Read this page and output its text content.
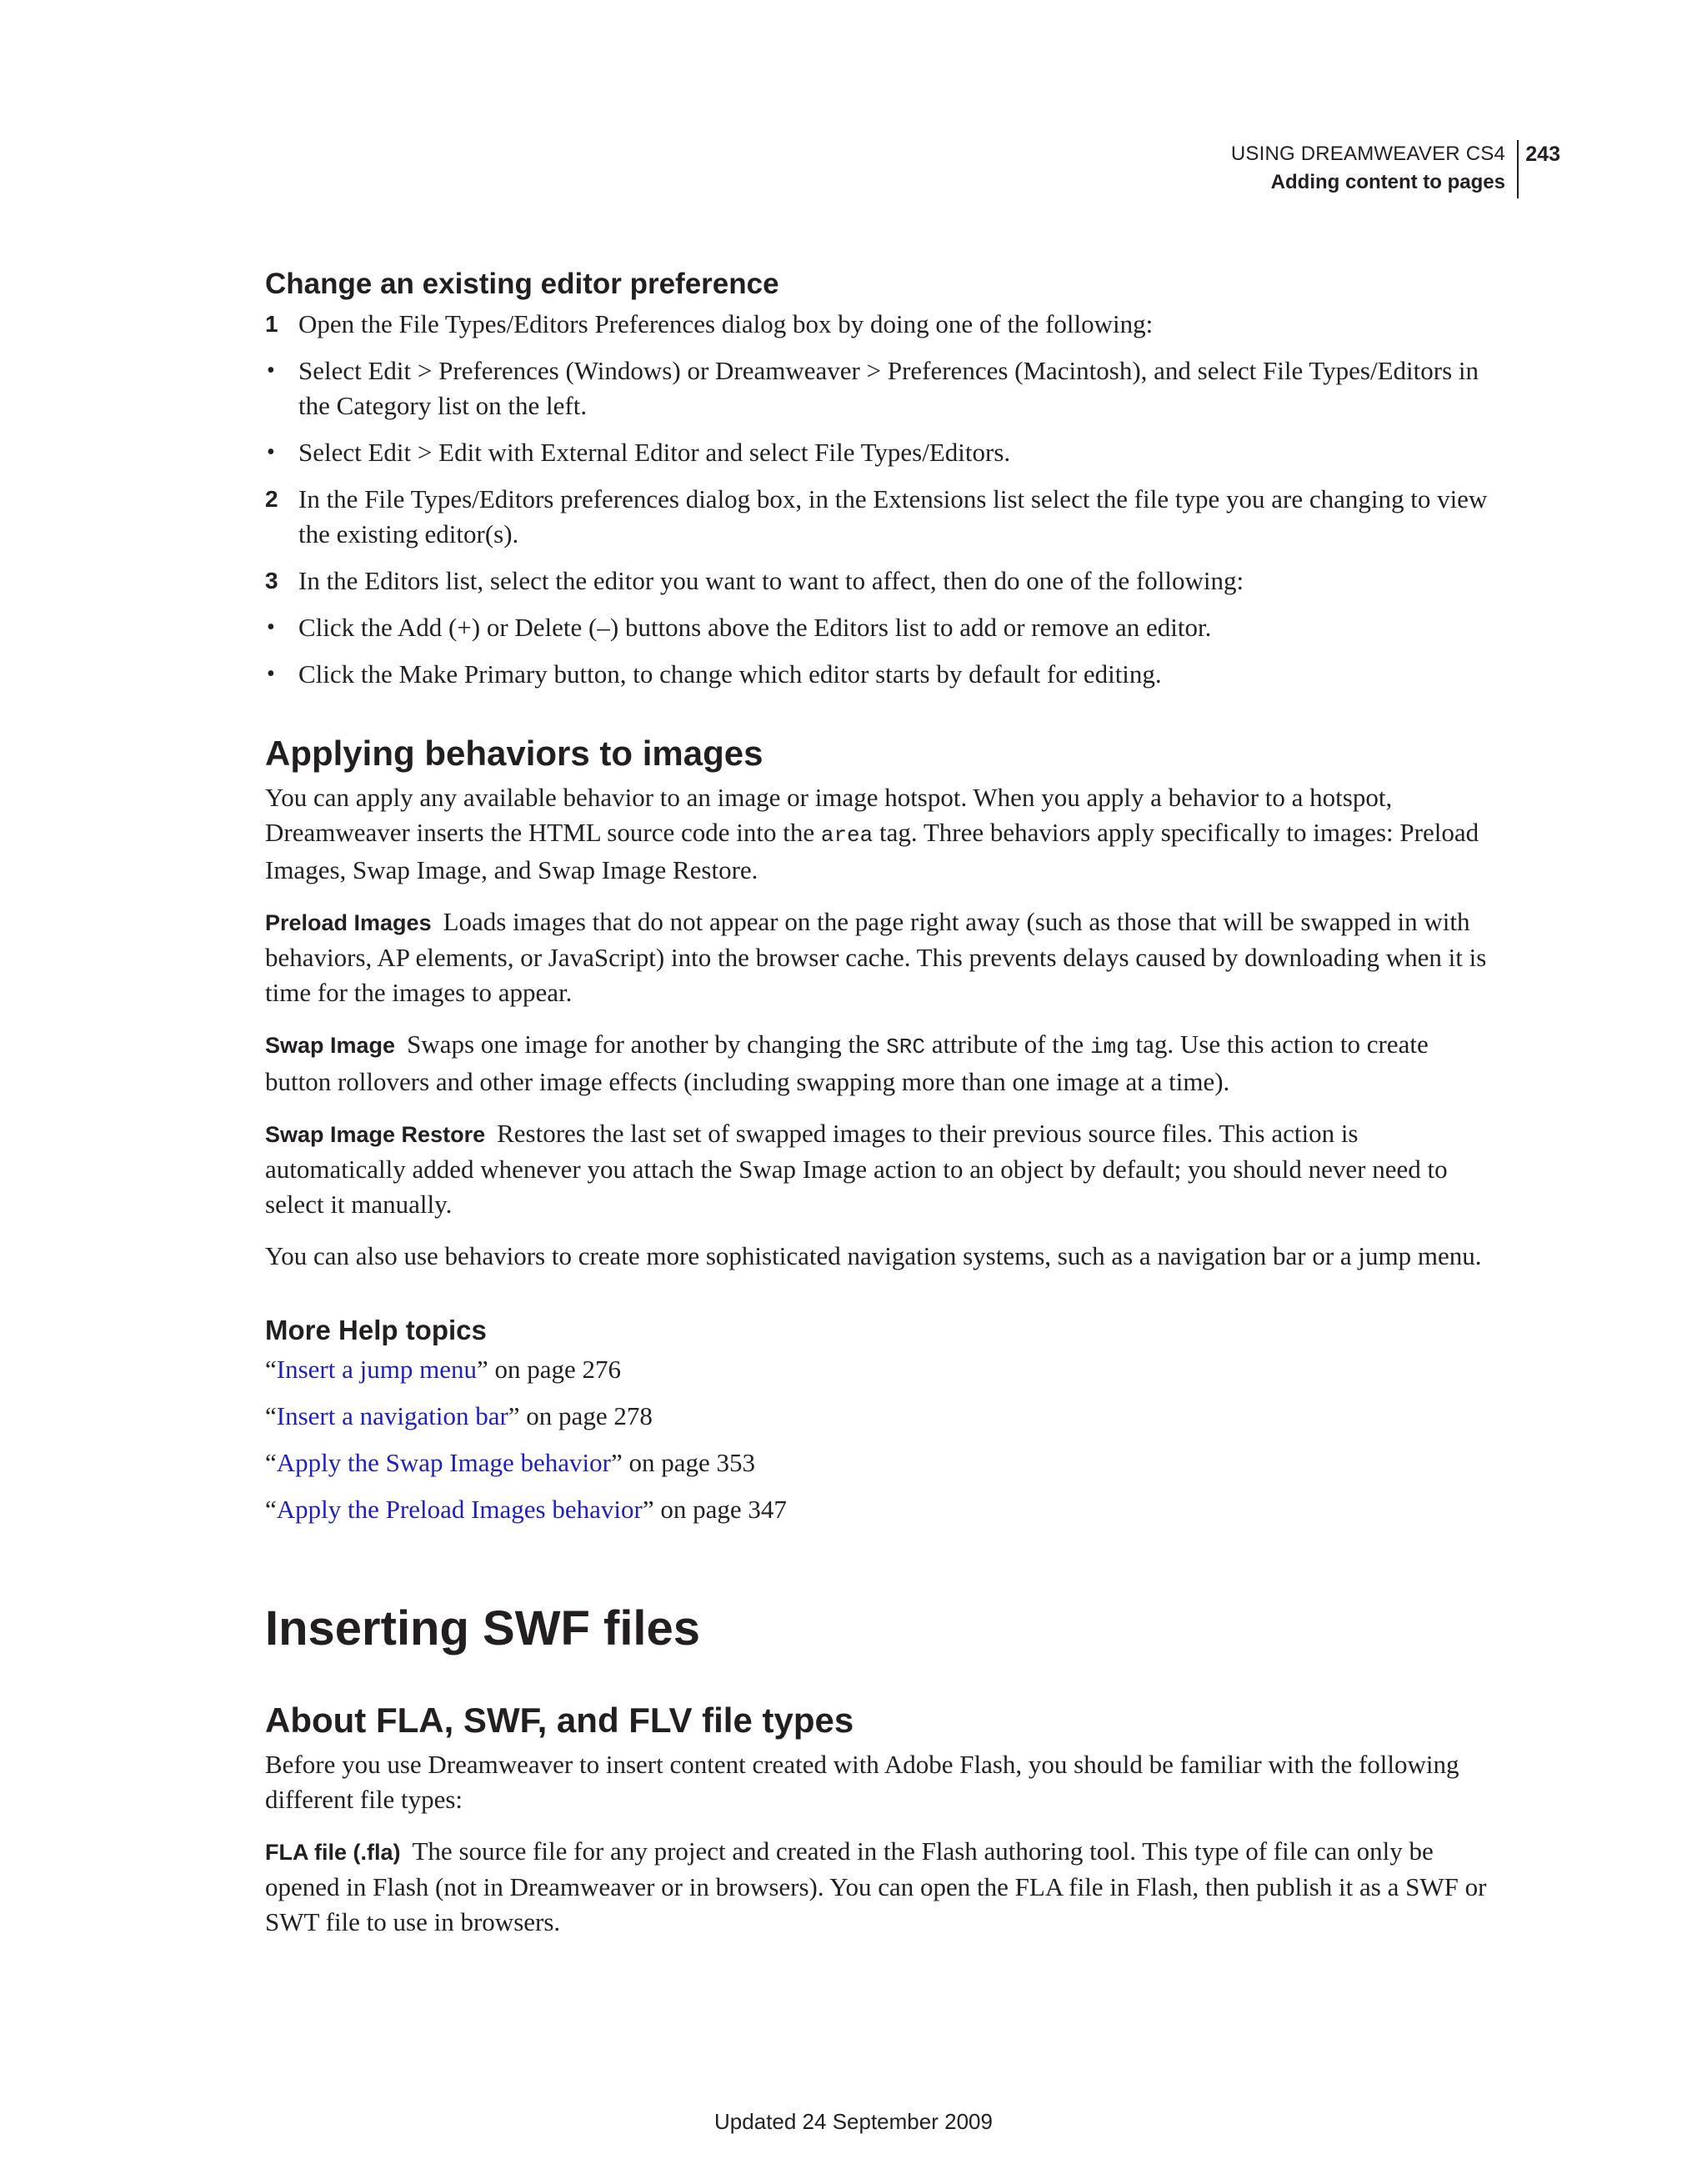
USING DREAMWEAVER CS4
Adding content to pages
243
Change an existing editor preference
1 Open the File Types/Editors Preferences dialog box by doing one of the following:
• Select Edit > Preferences (Windows) or Dreamweaver > Preferences (Macintosh), and select File Types/Editors in the Category list on the left.
• Select Edit > Edit with External Editor and select File Types/Editors.
2 In the File Types/Editors preferences dialog box, in the Extensions list select the file type you are changing to view the existing editor(s).
3 In the Editors list, select the editor you want to want to affect, then do one of the following:
• Click the Add (+) or Delete (–) buttons above the Editors list to add or remove an editor.
• Click the Make Primary button, to change which editor starts by default for editing.
Applying behaviors to images

You can apply any available behavior to an image or image hotspot. When you apply a behavior to a hotspot, Dreamweaver inserts the HTML source code into the area tag. Three behaviors apply specifically to images: Preload Images, Swap Image, and Swap Image Restore.

Preload Images Loads images that do not appear on the page right away (such as those that will be swapped in with behaviors, AP elements, or JavaScript) into the browser cache. This prevents delays caused by downloading when it is time for the images to appear.

Swap Image Swaps one image for another by changing the SRC attribute of the img tag. Use this action to create button rollovers and other image effects (including swapping more than one image at a time).

Swap Image Restore Restores the last set of swapped images to their previous source files. This action is automatically added whenever you attach the Swap Image action to an object by default; you should never need to select it manually.

You can also use behaviors to create more sophisticated navigation systems, such as a navigation bar or a jump menu.

More Help topics

“Insert a jump menu” on page 276

“Insert a navigation bar” on page 278

“Apply the Swap Image behavior” on page 353

“Apply the Preload Images behavior” on page 347

Inserting SWF files
About FLA, SWF, and FLV file types

Before you use Dreamweaver to insert content created with Adobe Flash, you should be familiar with the following different file types:

FLA file (.fla) The source file for any project and created in the Flash authoring tool. This type of file can only be opened in Flash (not in Dreamweaver or in browsers). You can open the FLA file in Flash, then publish it as a SWF or SWT file to use in browsers.

Updated 24 September 2009
